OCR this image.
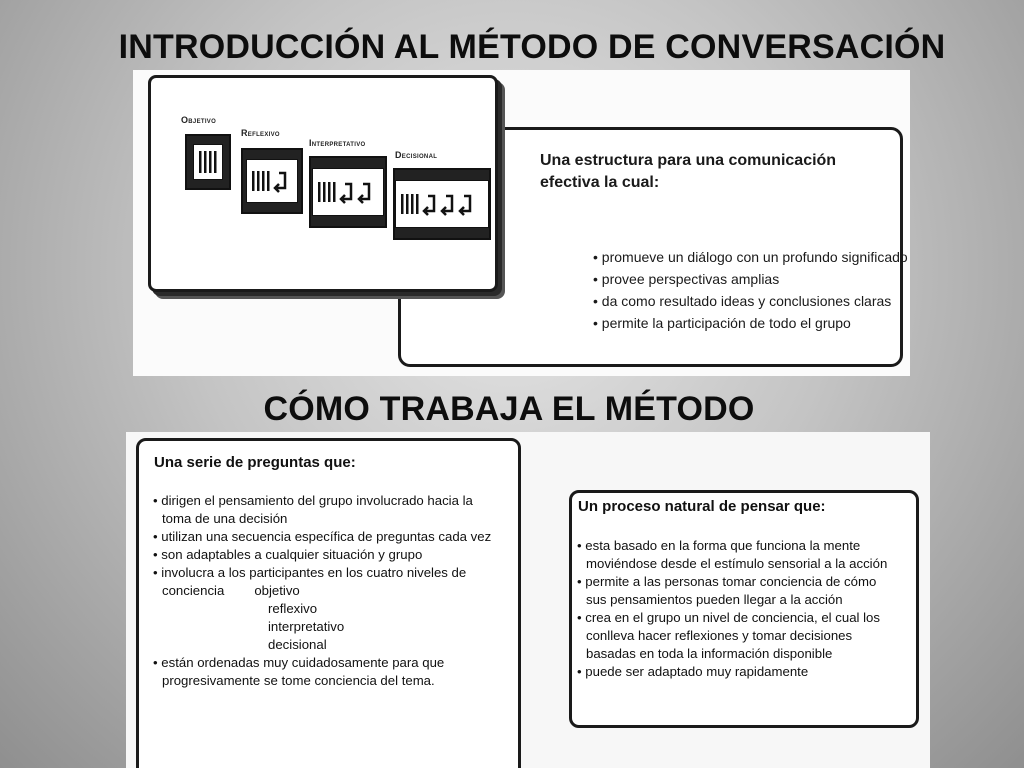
INTRODUCCIÓN AL MÉTODO DE CONVERSACIÓN
Objetivo
Reflexivo
Interpretativo
Decisional	Una estructura para una comunicación
efectiva la cual:
• promueve un diálogo con un profundo significado
• provee perspectivas amplias
• da como resultado ideas y conclusiones claras
• permite la participación de todo el grupo
CÓMO TRABAJA EL MÉTODO
Una serie de preguntas que:
• dirigen el pensamiento del grupo involucrado hacia la
toma de una decisión
• utilizan una secuencia específica de preguntas cada vez
• son adaptables a cualquier situación y grupo
• involucra a los participantes en los cuatro niveles de
conciencia objetivo
reflexivo
interpretativo
decisional
• están ordenadas muy cuidadosamente para que
progresivamente se tome conciencia del tema.
Un proceso natural de pensar que:
• esta basado en la forma que funciona la mente
moviéndose desde el estímulo sensorial a la acción
• permite a las personas tomar conciencia de cómo
sus pensamientos pueden llegar a la acción
• crea en el grupo un nivel de conciencia, el cual los
conlleva hacer reflexiones y tomar decisiones
basadas en toda la información disponible
• puede ser adaptado muy rapidamente
